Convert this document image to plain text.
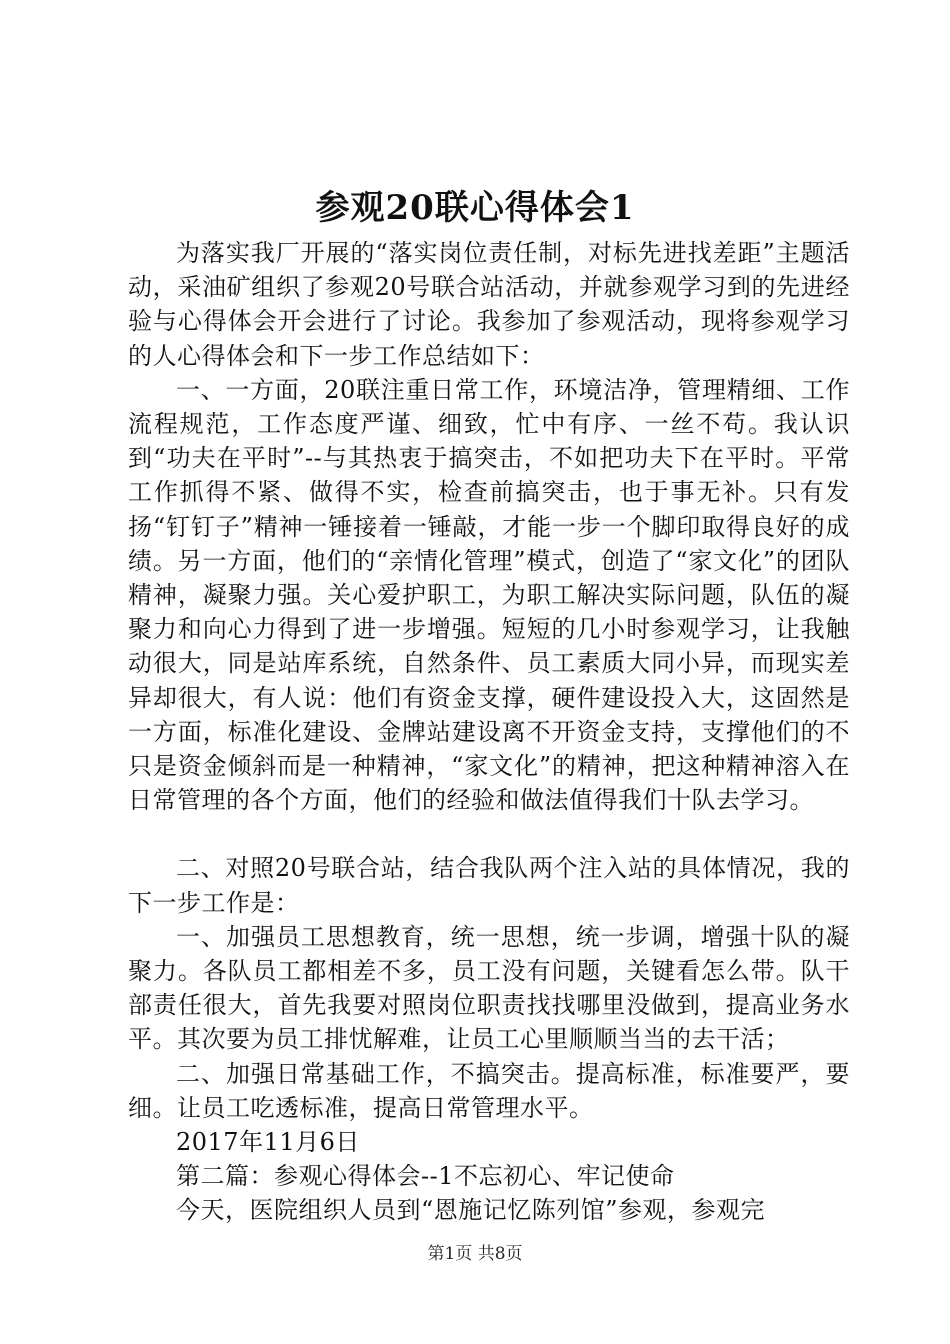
参观20联心得体会1

为落实我厂开展的“落实岗位责任制，对标先进找差距”主题活动，采油矿组织了参观20号联合站活动，并就参观学习到的先进经验与心得体会开会进行了讨论。我参加了参观活动，现将参观学习的人心得体会和下一步工作总结如下：

一、一方面，20联注重日常工作，环境洁净，管理精细、工作流程规范，工作态度严谨、细致，忙中有序、一丝不苟。我认识到“功夫在平时”--与其热衷于搞突击，不如把功夫下在平时。平常工作抓得不紧、做得不实，检查前搞突击，也于事无补。只有发扬“钉钉子”精神一锤接着一锤敲，才能一步一个脚印取得良好的成绩。另一方面，他们的“亲情化管理”模式，创造了“家文化”的团队精神，凝聚力强。关心爱护职工，为职工解决实际问题，队伍的凝聚力和向心力得到了进一步增强。短短的几小时参观学习，让我触动很大，同是站库系统，自然条件、员工素质大同小异，而现实差异却很大，有人说：他们有资金支撑，硬件建设投入大，这固然是一方面，标准化建设、金牌站建设离不开资金支持，支撑他们的不只是资金倾斜而是一种精神，“家文化”的精神，把这种精神溶入在日常管理的各个方面，他们的经验和做法值得我们十队去学习。

二、对照20号联合站，结合我队两个注入站的具体情况，我的下一步工作是：

一、加强员工思想教育，统一思想，统一步调，增强十队的凝聚力。各队员工都相差不多，员工没有问题，关键看怎么带。队干部责任很大，首先我要对照岗位职责找找哪里没做到，提高业务水平。其次要为员工排忧解难，让员工心里顺顺当当的去干活；

二、加强日常基础工作，不搞突击。提高标准，标准要严，要细。让员工吃透标准，提高日常管理水平。

2017年11月6日

第二篇：参观心得体会--1不忘初心、牢记使命

今天，医院组织人员到“恩施记忆陈列馆”参观，参观完

第1页 共8页
